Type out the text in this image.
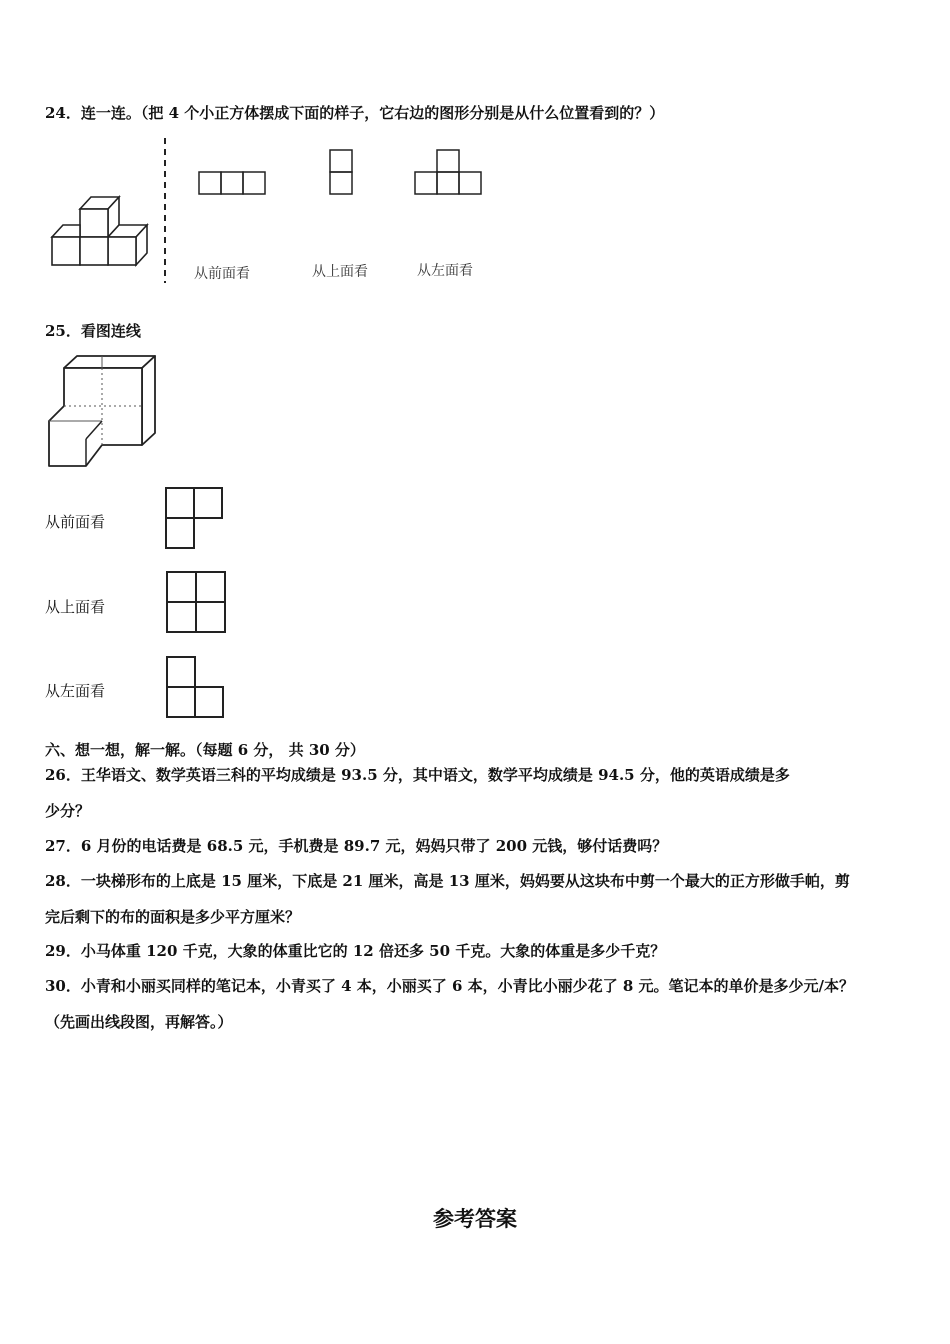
24．连一连。（把 4 个小正方体摆成下面的样子，它右边的图形分别是从什么位置看到的？）
从前面看	从上面看	从左面看
25．看图连线
从前面看
从上面看
从左面看
六、想一想，解一解。（每题 6 分， 共 30 分）
26．王华语文、数学英语三科的平均成绩是 93.5 分，其中语文，数学平均成绩是 94.5 分，他的英语成绩是多
少分？
27．6 月份的电话费是 68.5 元，手机费是 89.7 元，妈妈只带了 200 元钱，够付话费吗？
28．一块梯形布的上底是 15 厘米，下底是 21 厘米，高是 13 厘米，妈妈要从这块布中剪一个最大的正方形做手帕，剪
完后剩下的布的面积是多少平方厘米？
29．小马体重 120 千克，大象的体重比它的 12 倍还多 50 千克。大象的体重是多少千克？
30．小青和小丽买同样的笔记本，小青买了 4 本，小丽买了 6 本，小青比小丽少花了 8 元。笔记本的单价是多少元/本？
（先画出线段图，再解答。）
参考答案
